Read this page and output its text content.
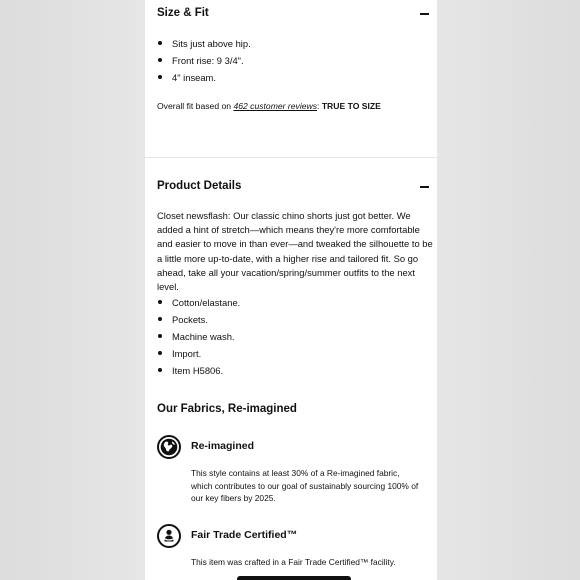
Size & Fit
Sits just above hip.
Front rise: 9 3/4".
4" inseam.
Overall fit based on 462 customer reviews: TRUE TO SIZE
Product Details
Closet newsflash: Our classic chino shorts just got better. We added a hint of stretch—which means they're more comfortable and easier to move in than ever—and tweaked the silhouette to be a little more up-to-date, with a higher rise and tailored fit. So go ahead, take all your vacation/spring/summer outfits to the next level.
Cotton/elastane.
Pockets.
Machine wash.
Import.
Item H5806.
Our Fabrics, Re-imagined
Re-imagined
This style contains at least 30% of a Re-imagined fabric, which contributes to our goal of sustainably sourcing 100% of our key fibers by 2025.
Fair Trade Certified™
This item was crafted in a Fair Trade Certified™ facility.
